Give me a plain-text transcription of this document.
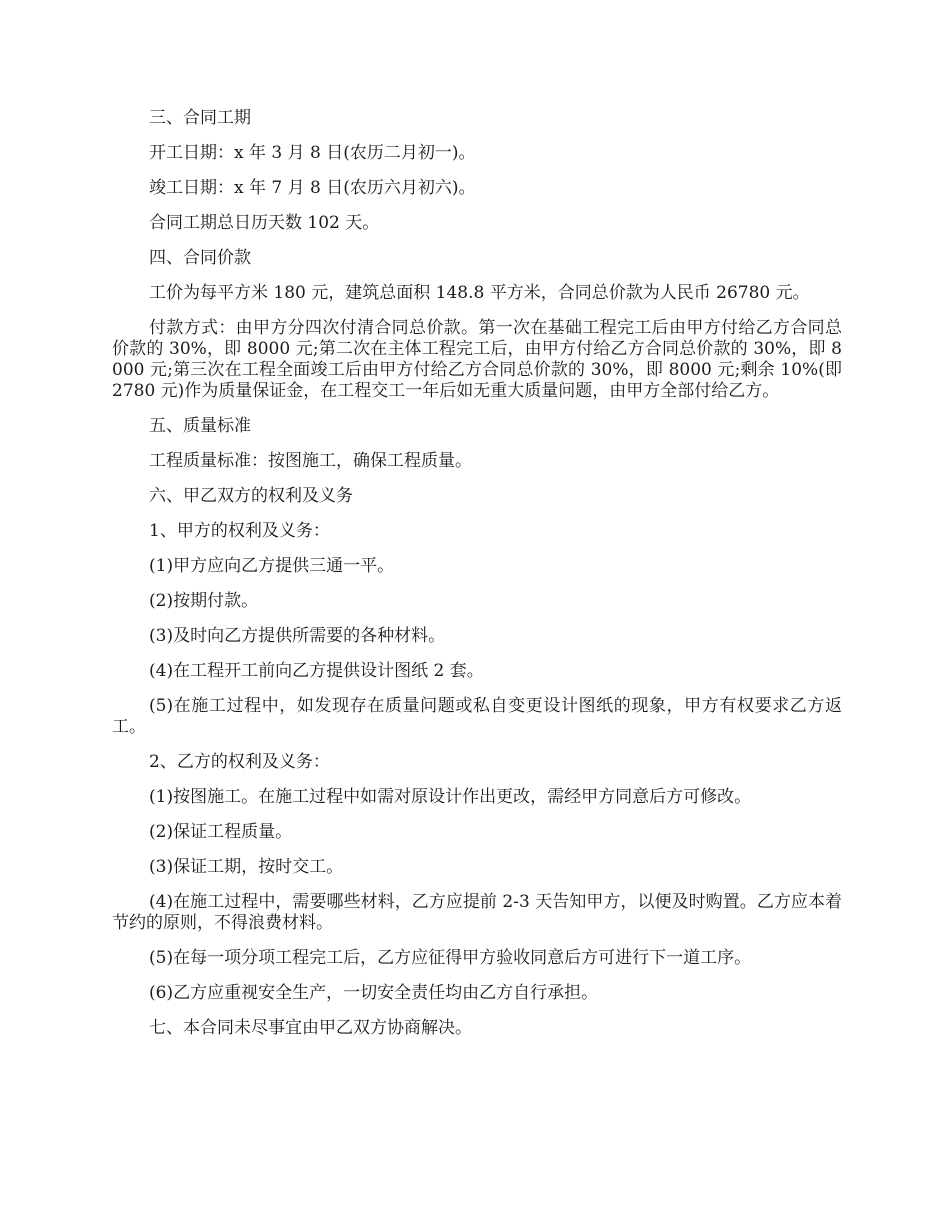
三、合同工期

开工日期：x 年 3 月 8 日(农历二月初一)。

竣工日期：x 年 7 月 8 日(农历六月初六)。

合同工期总日历天数 102 天。

四、合同价款

工价为每平方米 180 元，建筑总面积 148.8 平方米，合同总价款为人民币 26780 元。

付款方式：由甲方分四次付清合同总价款。第一次在基础工程完工后由甲方付给乙方合同总价款的 30%，即 8000 元;第二次在主体工程完工后，由甲方付给乙方合同总价款的 30%，即 8000 元;第三次在工程全面竣工后由甲方付给乙方合同总价款的 30%，即 8000 元;剩余 10%(即 2780 元)作为质量保证金，在工程交工一年后如无重大质量问题，由甲方全部付给乙方。

五、质量标准

工程质量标准：按图施工，确保工程质量。

六、甲乙双方的权利及义务

1、甲方的权利及义务：

(1)甲方应向乙方提供三通一平。

(2)按期付款。

(3)及时向乙方提供所需要的各种材料。

(4)在工程开工前向乙方提供设计图纸 2 套。

(5)在施工过程中，如发现存在质量问题或私自变更设计图纸的现象，甲方有权要求乙方返工。

2、乙方的权利及义务：

(1)按图施工。在施工过程中如需对原设计作出更改，需经甲方同意后方可修改。

(2)保证工程质量。

(3)保证工期，按时交工。

(4)在施工过程中，需要哪些材料，乙方应提前 2-3 天告知甲方，以便及时购置。乙方应本着节约的原则，不得浪费材料。

(5)在每一项分项工程完工后，乙方应征得甲方验收同意后方可进行下一道工序。

(6)乙方应重视安全生产，一切安全责任均由乙方自行承担。

七、本合同未尽事宜由甲乙双方协商解决。
